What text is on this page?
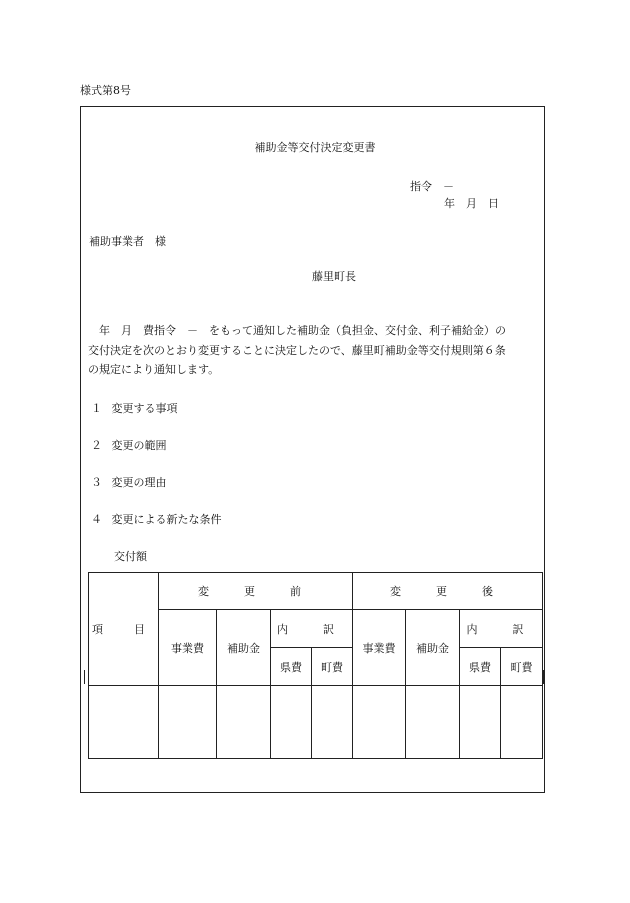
様式第8号
補助金等交付決定変更書
指令　－
年　月　日
補助事業者　様
藤里町長
　年　月　費指令　－　をもって通知した補助金（負担金、交付金、利子補給金）の
交付決定を次のとおり変更することに決定したので、藤里町補助金等交付規則第６条
の規定により通知します。
１ 変更する事項
２ 変更の範囲
３ 変更の理由
４ 変更による新たな条件
交付額
項　目	変　更　前				変　更　後			
	事業費	補助金	内　訳		事業費	補助金	内　訳	
			県費	町費			県費	町費
